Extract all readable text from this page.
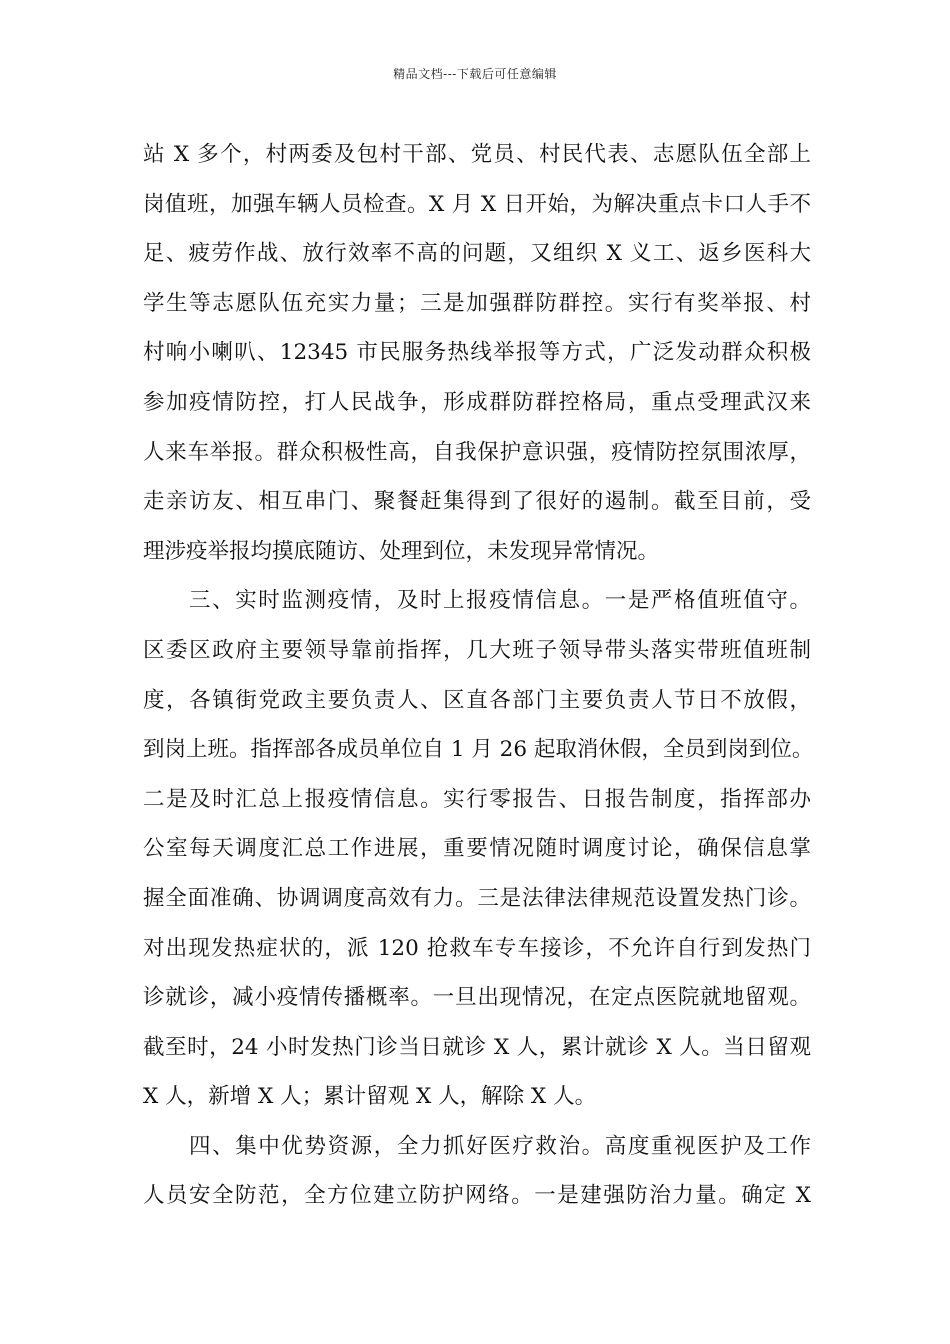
精品文档---下载后可任意编辑
站 X 多个，村两委及包村干部、党员、村民代表、志愿队伍全部上
岗值班，加强车辆人员检查。X 月 X 日开始，为解决重点卡口人手不
足、疲劳作战、放行效率不高的问题，又组织 X 义工、返乡医科大
学生等志愿队伍充实力量；三是加强群防群控。实行有奖举报、村
村响小喇叭、12345 市民服务热线举报等方式，广泛发动群众积极
参加疫情防控，打人民战争，形成群防群控格局，重点受理武汉来
人来车举报。群众积极性高，自我保护意识强，疫情防控氛围浓厚，
走亲访友、相互串门、聚餐赶集得到了很好的遏制。截至目前，受
理涉疫举报均摸底随访、处理到位，未发现异常情况。
三、实时监测疫情，及时上报疫情信息。一是严格值班值守。
区委区政府主要领导靠前指挥，几大班子领导带头落实带班值班制
度，各镇街党政主要负责人、区直各部门主要负责人节日不放假，
到岗上班。指挥部各成员单位自 1 月 26 起取消休假，全员到岗到位。
二是及时汇总上报疫情信息。实行零报告、日报告制度，指挥部办
公室每天调度汇总工作进展，重要情况随时调度讨论，确保信息掌
握全面准确、协调调度高效有力。三是法律法律规范设置发热门诊。
对出现发热症状的，派 120 抢救车专车接诊，不允许自行到发热门
诊就诊，减小疫情传播概率。一旦出现情况，在定点医院就地留观。
截至时，24 小时发热门诊当日就诊 X 人，累计就诊 X 人。当日留观
X 人，新增 X 人；累计留观 X 人，解除 X 人。
四、集中优势资源，全力抓好医疗救治。高度重视医护及工作
人员安全防范，全方位建立防护网络。一是建强防治力量。确定 X
